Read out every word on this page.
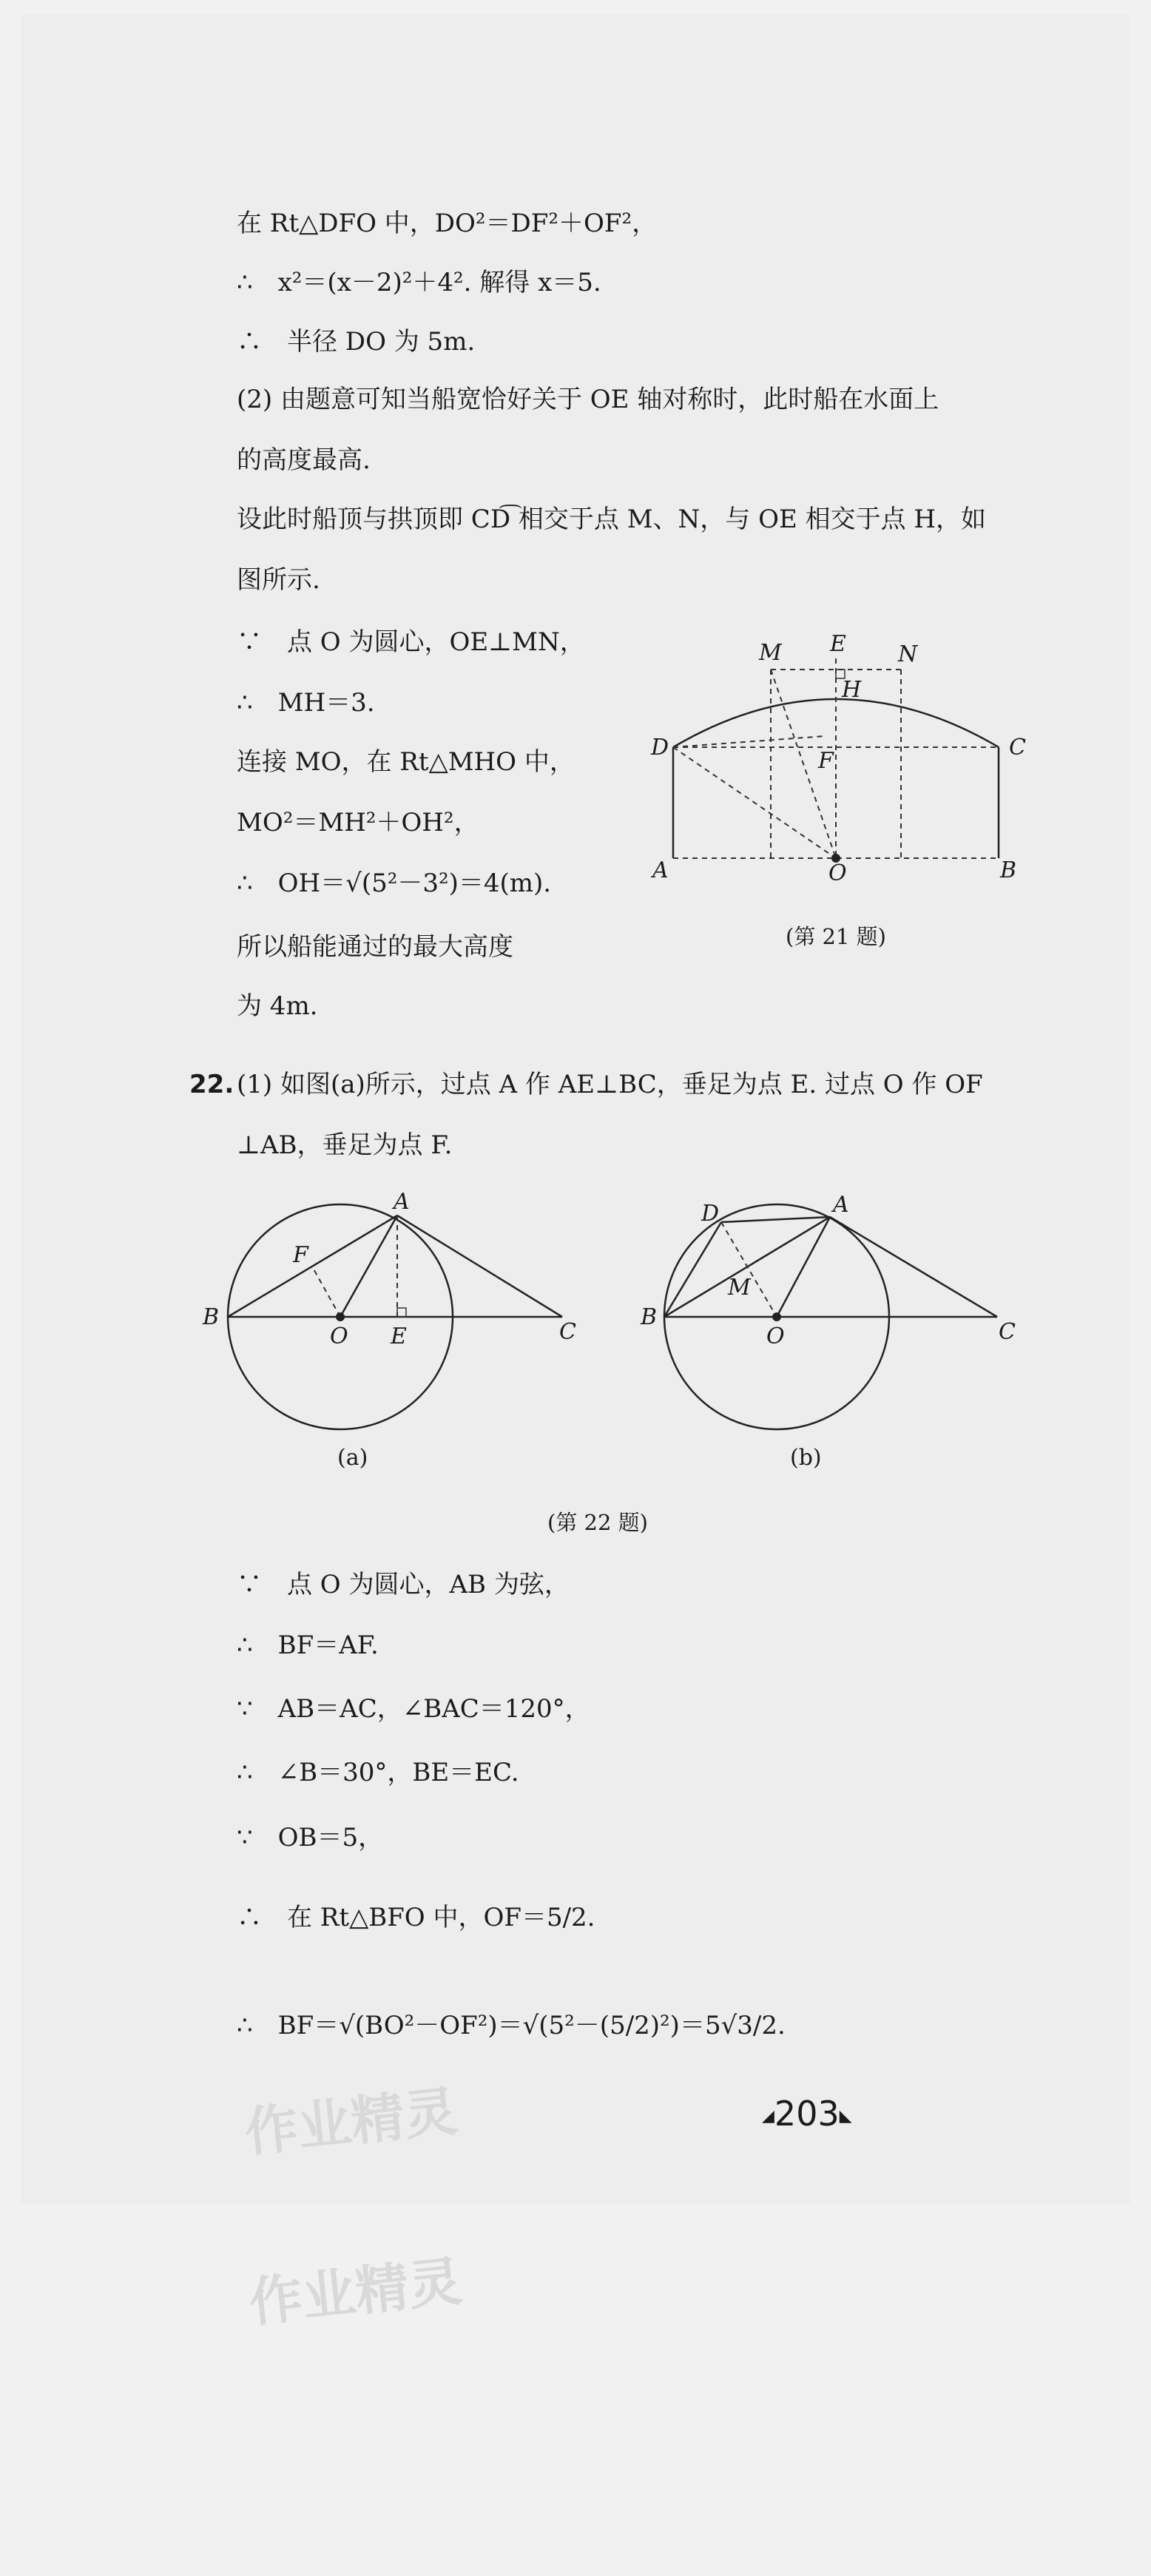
在 Rt△DFO 中，DO²＝DF²＋OF²，
∴　x²＝(x－2)²＋4². 解得 x＝5.
∴　半径 DO 为 5m.
(2) 由题意可知当船宽恰好关于 OE 轴对称时，此时船在水面上
的高度最高.
设此时船顶与拱顶即 CD͡ 相交于点 M、N，与 OE 相交于点 H，如
图所示.
∵　点 O 为圆心，OE⊥MN，
∴　MH＝3.
连接 MO，在 Rt△MHO 中，
MO²＝MH²＋OH²，
∴　OH＝√(5²－3²)＝4(m).
所以船能通过的最大高度
为 4m.
M E N
H
D	C
F
A	O	B
(第 21 题)
22. (1) 如图(a)所示，过点 A 作 AE⊥BC，垂足为点 E. 过点 O 作 OF
⊥AB，垂足为点 F.
A
F
B
O E	C
(a)
D	A
M
B
O	C
(b)
(第 22 题)
∵　点 O 为圆心，AB 为弦，
∴　BF＝AF.
∵　AB＝AC，∠BAC＝120°，
∴　∠B＝30°，BE＝EC.
∵　OB＝5，
∴　在 Rt△BFO 中，OF＝5/2.
∴　BF＝√(BO²－OF²)＝√(5²－(5/2)²)＝5√3/2.
作业精灵
作业精灵
◢203◣
